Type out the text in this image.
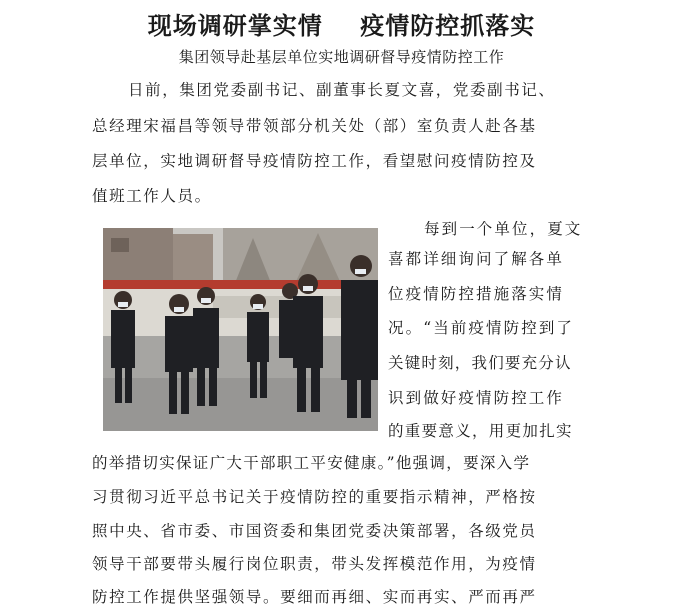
现场调研掌实情    疫情防控抓落实
集团领导赴基层单位实地调研督导疫情防控工作
日前，集团党委副书记、副董事长夏文喜，党委副书记、
总经理宋福昌等领导带领部分机关处（部）室负责人赴各基
层单位，实地调研督导疫情防控工作，看望慰问疫情防控及
值班工作人员。
每到一个单位，夏文
喜都详细询问了解各单
位疫情防控措施落实情
况。“当前疫情防控到了
关键时刻，我们要充分认
识到做好疫情防控工作
的重要意义，用更加扎实
的举措切实保证广大干部职工平安健康。”他强调，要深入学
习贯彻习近平总书记关于疫情防控的重要指示精神，严格按
照中央、省市委、市国资委和集团党委决策部署，各级党员
领导干部要带头履行岗位职责，带头发挥模范作用，为疫情
防控工作提供坚强领导。要细而再细、实而再实、严而再严
